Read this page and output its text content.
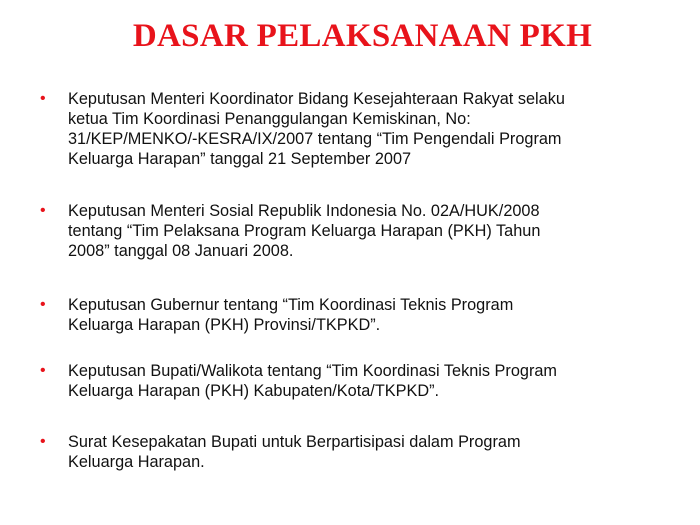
DASAR PELAKSANAAN PKH
• Keputusan Menteri Koordinator Bidang Kesejahteraan Rakyat selaku
ketua Tim Koordinasi Penanggulangan Kemiskinan, No:
31/KEP/MENKO/-KESRA/IX/2007 tentang “Tim Pengendali Program
Keluarga Harapan” tanggal 21 September 2007
• Keputusan Menteri Sosial Republik Indonesia No. 02A/HUK/2008
tentang “Tim Pelaksana Program Keluarga Harapan (PKH) Tahun
2008” tanggal 08 Januari 2008.
• Keputusan Gubernur tentang “Tim Koordinasi Teknis Program
Keluarga Harapan (PKH) Provinsi/TKPKD”.
• Keputusan Bupati/Walikota tentang “Tim Koordinasi Teknis Program
Keluarga Harapan (PKH) Kabupaten/Kota/TKPKD”.
• Surat Kesepakatan Bupati untuk Berpartisipasi dalam Program
Keluarga Harapan.
